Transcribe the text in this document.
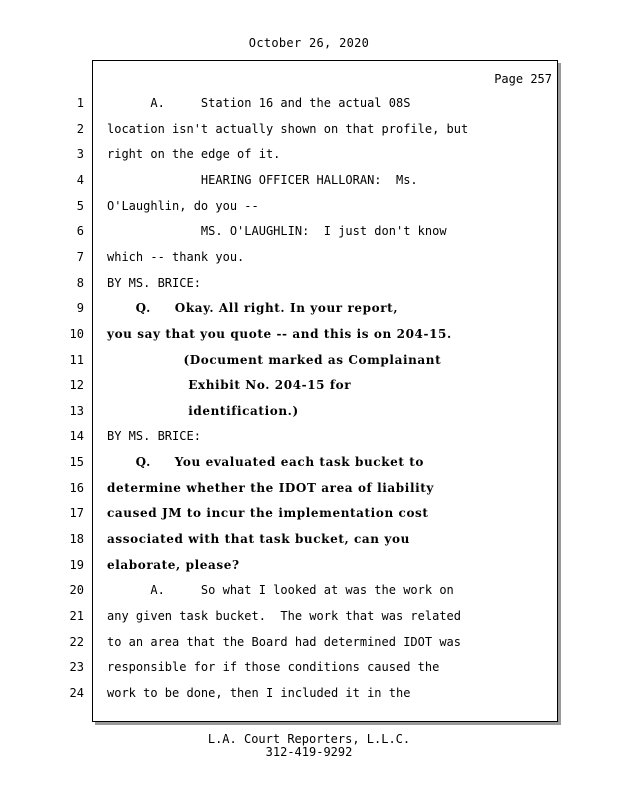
October 26, 2020
Page 257
1 A.     Station 16 and the actual 08S
2 location isn't actually shown on that profile, but
3 right on the edge of it.
4 HEARING OFFICER HALLORAN:  Ms.
5 O'Laughlin, do you --
6 MS. O'LAUGHLIN:  I just don't know
7 which -- thank you.
8 BY MS. BRICE:
9 Q.     Okay. All right. In your report,
10 you say that you quote -- and this is on 204-15.
11 (Document marked as Complainant
12 Exhibit No. 204-15 for
13 identification.)
14 BY MS. BRICE:
15 Q.     You evaluated each task bucket to
16 determine whether the IDOT area of liability
17 caused JM to incur the implementation cost
18 associated with that task bucket, can you
19 elaborate, please?
20 A.     So what I looked at was the work on
21 any given task bucket.  The work that was related
22 to an area that the Board had determined IDOT was
23 responsible for if those conditions caused the
24 work to be done, then I included it in the
L.A. Court Reporters, L.L.C.
312-419-9292
